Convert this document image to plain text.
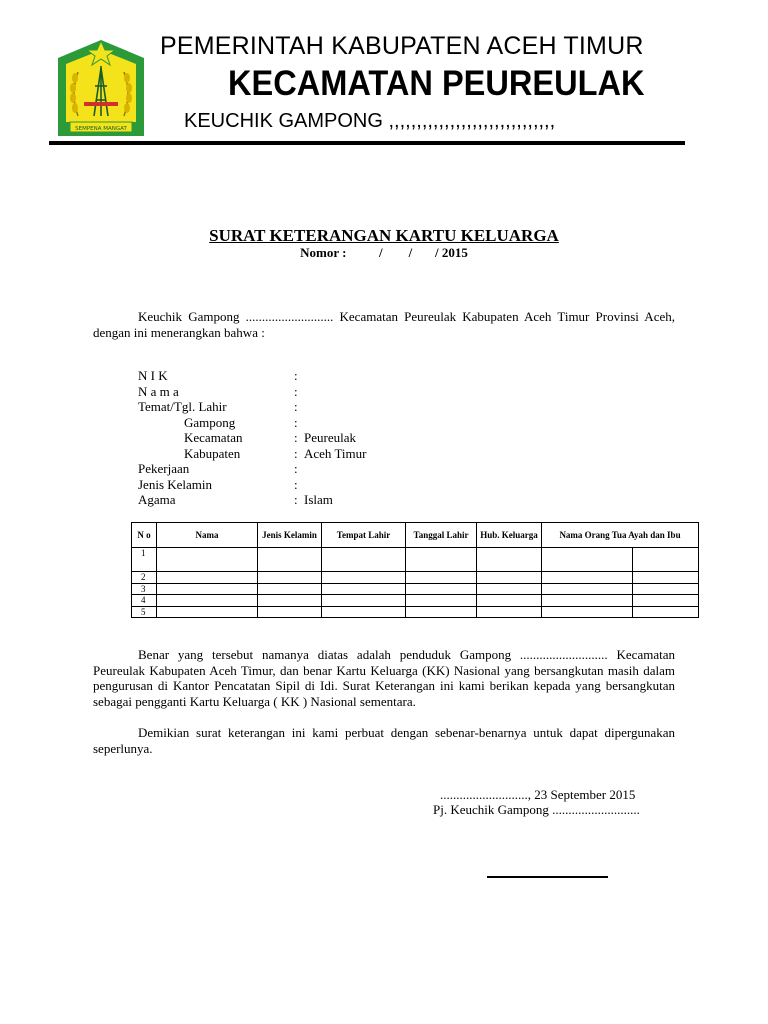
SEMPENA MANGAT
PEMERINTAH KABUPATEN ACEH TIMUR
KECAMATAN PEUREULAK
KEUCHIK GAMPONG ,,,,,,,,,,,,,,,,,,,,,,,,,,,,,,
SURAT KETERANGAN KARTU KELUARGA
Nomor :          /        /       / 2015

Keuchik Gampong ........................... Kecamatan Peureulak Kabupaten Aceh Timur Provinsi Aceh, dengan ini menerangkan bahwa :

N I K	:
N a m a	:
Temat/Tgl. Lahir	:
Gampong	:
Kecamatan	: Peureulak
Kabupaten	: Aceh Timur
Pekerjaan	:
Jenis Kelamin	:
Agama	: Islam
N o	Nama	Jenis Kelamin	Tempat Lahir	Tanggal Lahir	Hub. Keluarga	Nama Orang Tua Ayah dan Ibu	
1							
2							
3							
4							
5							

Benar yang tersebut namanya diatas adalah penduduk Gampong ........................... Kecamatan Peureulak Kabupaten Aceh Timur, dan benar Kartu Keluarga (KK) Nasional yang bersangkutan masih dalam pengurusan di Kantor Pencatatan Sipil di Idi. Surat Keterangan ini kami berikan kepada yang bersangkutan sebagai pengganti Kartu Keluarga ( KK ) Nasional sementara.

Demikian surat keterangan ini kami perbuat dengan sebenar-benarnya untuk dapat dipergunakan seperlunya.

..........................., 23 September 2015
Pj. Keuchik Gampong ...........................
